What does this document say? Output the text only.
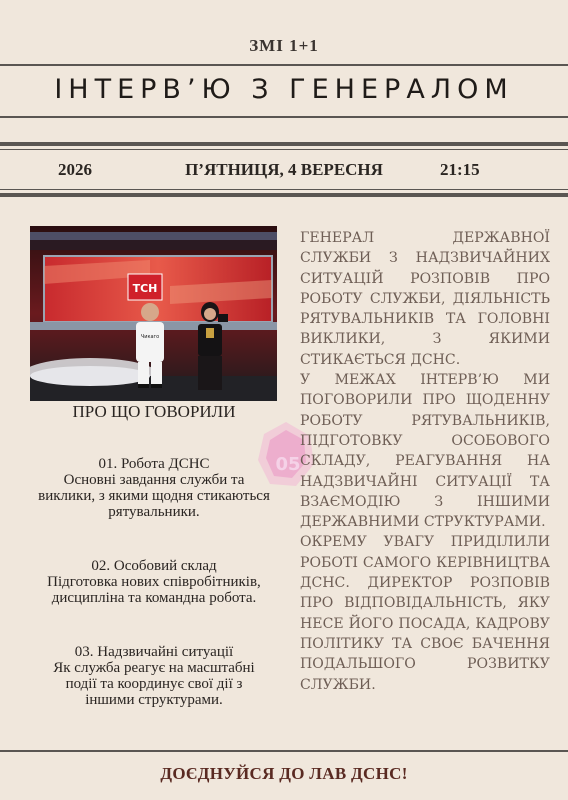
ЗМІ 1+1
ІНТЕРВ’Ю З ГЕНЕРАЛОМ
2026	П’ЯТНИЦЯ, 4 ВЕРЕСНЯ	21:15
ТСН
Чикаго
ПРО ЩО ГОВОРИЛИ
01. Робота ДСНС
Основні завдання служби та виклики, з якими щодня стикаються рятувальники.
02. Особовий склад
Підготовка нових співробітників, дисципліна та командна робота.
03. Надзвичайні ситуації
Як служба реагує на масштабні події та координує свої дії з іншими структурами.
05

ГЕНЕРАЛ ДЕРЖАВНОЇ СЛУЖБИ З НАДЗВИЧАЙНИХ СИТУАЦІЙ РОЗПОВІВ ПРО РОБОТУ СЛУЖБИ, ДІЯЛЬНІСТЬ РЯТУВАЛЬНИКІВ ТА ГОЛОВНІ ВИКЛИКИ, З ЯКИМИ СТИКАЄТЬСЯ ДСНС.

У МЕЖАХ ІНТЕРВ’Ю МИ ПОГОВОРИЛИ ПРО ЩОДЕННУ РОБОТУ РЯТУВАЛЬНИКІВ, ПІДГОТОВКУ ОСОБОВОГО СКЛАДУ, РЕАГУВАННЯ НА НАДЗВИЧАЙНІ СИТУАЦІЇ ТА ВЗАЄМОДІЮ З ІНШИМИ ДЕРЖАВНИМИ СТРУКТУРАМИ.

ОКРЕМУ УВАГУ ПРИДІЛИЛИ РОБОТІ САМОГО КЕРІВНИЦТВА ДСНС. ДИРЕКТОР РОЗПОВІВ ПРО ВІДПОВІДАЛЬНІСТЬ, ЯКУ НЕСЕ ЙОГО ПОСАДА, КАДРОВУ ПОЛІТИКУ ТА СВОЄ БАЧЕННЯ ПОДАЛЬШОГО РОЗВИТКУ СЛУЖБИ.

ДОЄДНУЙСЯ ДО ЛАВ ДСНС!
